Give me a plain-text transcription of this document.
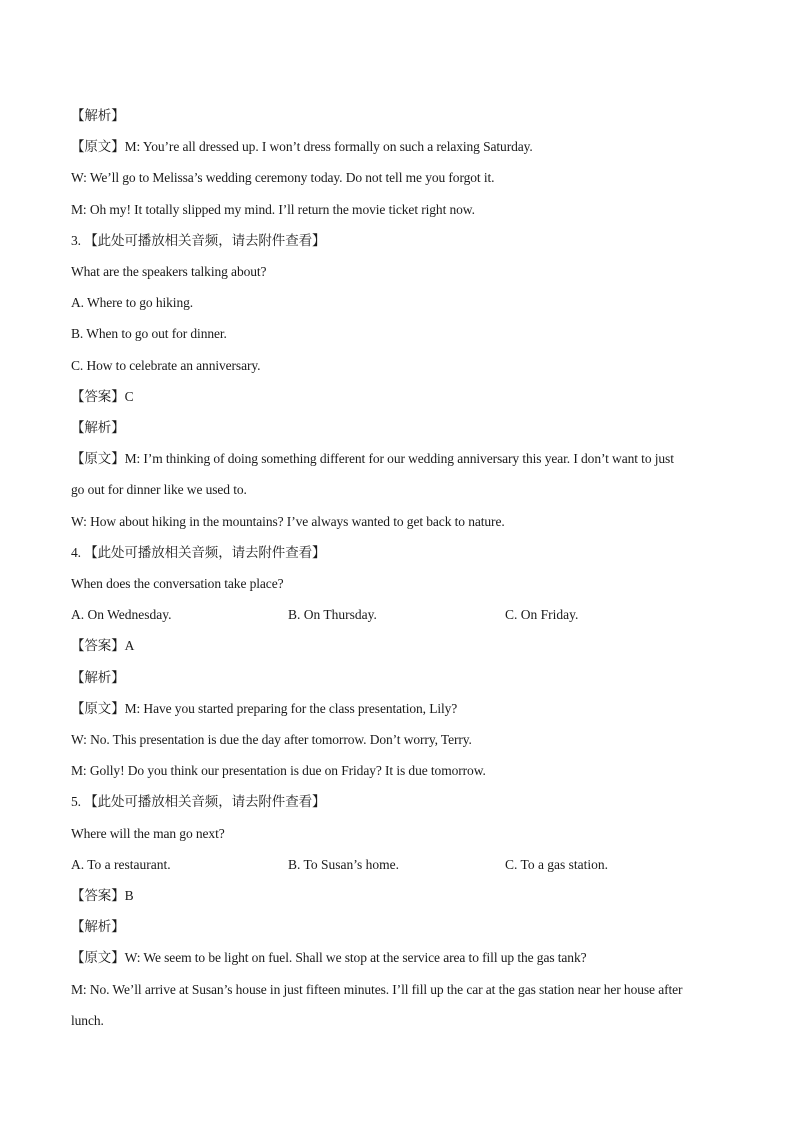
【解析】
【原文】M: You’re all dressed up. I won’t dress formally on such a relaxing Saturday.
W: We’ll go to Melissa’s wedding ceremony today. Do not tell me you forgot it.
M: Oh my! It totally slipped my mind. I’ll return the movie ticket right now.
3. 【此处可播放相关音频，请去附件查看】
What are the speakers talking about?
A. Where to go hiking.
B. When to go out for dinner.
C. How to celebrate an anniversary.
【答案】C
【解析】
【原文】M: I’m thinking of doing something different for our wedding anniversary this year. I don’t want to just
go out for dinner like we used to.
W: How about hiking in the mountains? I’ve always wanted to get back to nature.
4. 【此处可播放相关音频，请去附件查看】
When does the conversation take place?
A. On Wednesday.	B. On Thursday.	C. On Friday.
【答案】A
【解析】
【原文】M: Have you started preparing for the class presentation, Lily?
W: No. This presentation is due the day after tomorrow. Don’t worry, Terry.
M: Golly! Do you think our presentation is due on Friday? It is due tomorrow.
5. 【此处可播放相关音频，请去附件查看】
Where will the man go next?
A. To a restaurant.	B. To Susan’s home.	C. To a gas station.
【答案】B
【解析】
【原文】W: We seem to be light on fuel. Shall we stop at the service area to fill up the gas tank?
M: No. We’ll arrive at Susan’s house in just fifteen minutes. I’ll fill up the car at the gas station near her house after
lunch.
